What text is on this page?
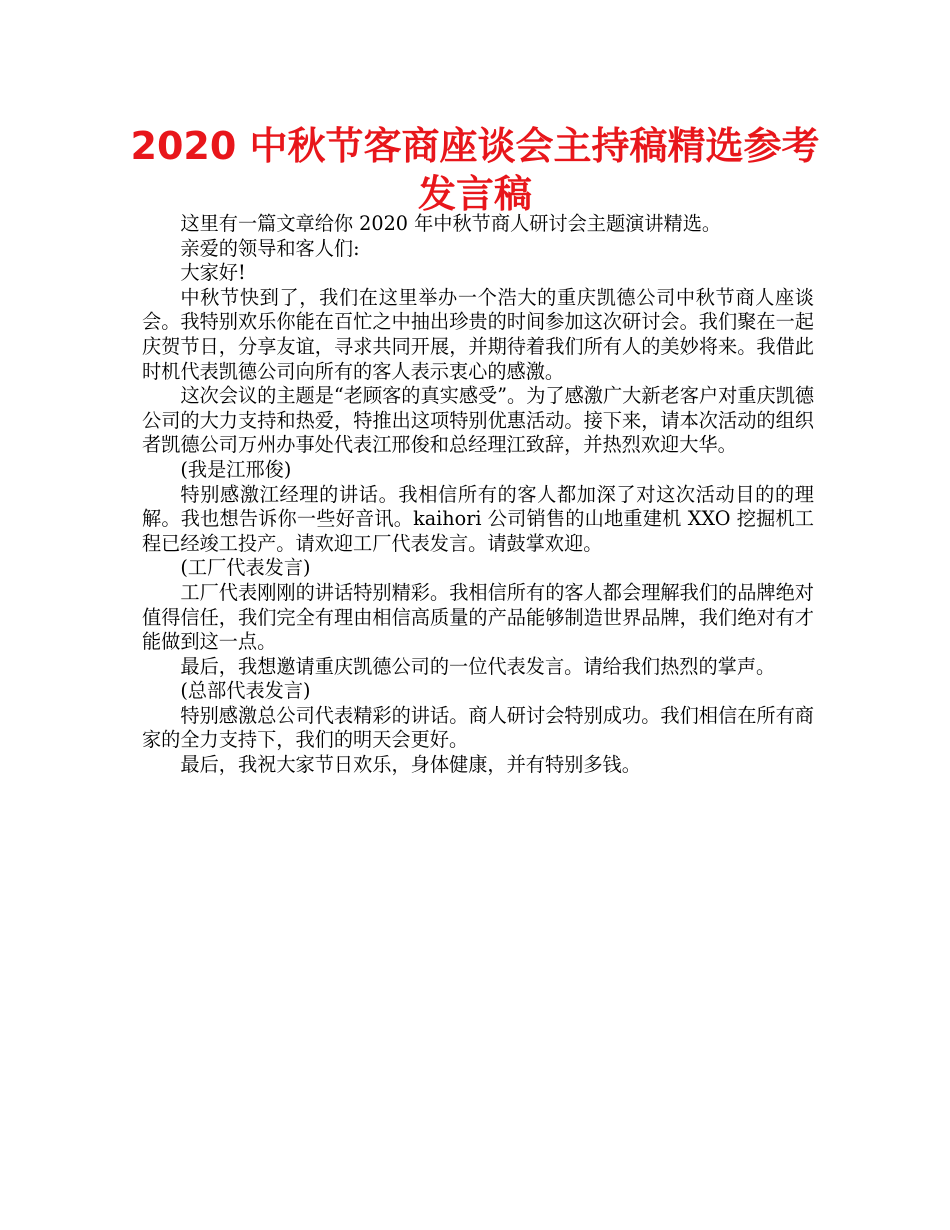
2020 中秋节客商座谈会主持稿精选参考发言稿

这里有一篇文章给你 2020 年中秋节商人研讨会主题演讲精选。

亲爱的领导和客人们:

大家好!

中秋节快到了，我们在这里举办一个浩大的重庆凯德公司中秋节商人座谈会。我特别欢乐你能在百忙之中抽出珍贵的时间参加这次研讨会。我们聚在一起庆贺节日，分享友谊，寻求共同开展，并期待着我们所有人的美妙将来。我借此时机代表凯德公司向所有的客人表示衷心的感激。

这次会议的主题是“老顾客的真实感受”。为了感激广大新老客户对重庆凯德公司的大力支持和热爱，特推出这项特别优惠活动。接下来，请本次活动的组织者凯德公司万州办事处代表江邢俊和总经理江致辞，并热烈欢迎大华。

(我是江邢俊)

特别感激江经理的讲话。我相信所有的客人都加深了对这次活动目的的理解。我也想告诉你一些好音讯。kaihori 公司销售的山地重建机 XXO 挖掘机工程已经竣工投产。请欢迎工厂代表发言。请鼓掌欢迎。

(工厂代表发言)

工厂代表刚刚的讲话特别精彩。我相信所有的客人都会理解我们的品牌绝对值得信任，我们完全有理由相信高质量的产品能够制造世界品牌，我们绝对有才能做到这一点。

最后，我想邀请重庆凯德公司的一位代表发言。请给我们热烈的掌声。

(总部代表发言)

特别感激总公司代表精彩的讲话。商人研讨会特别成功。我们相信在所有商家的全力支持下，我们的明天会更好。

最后，我祝大家节日欢乐，身体健康，并有特别多钱。
